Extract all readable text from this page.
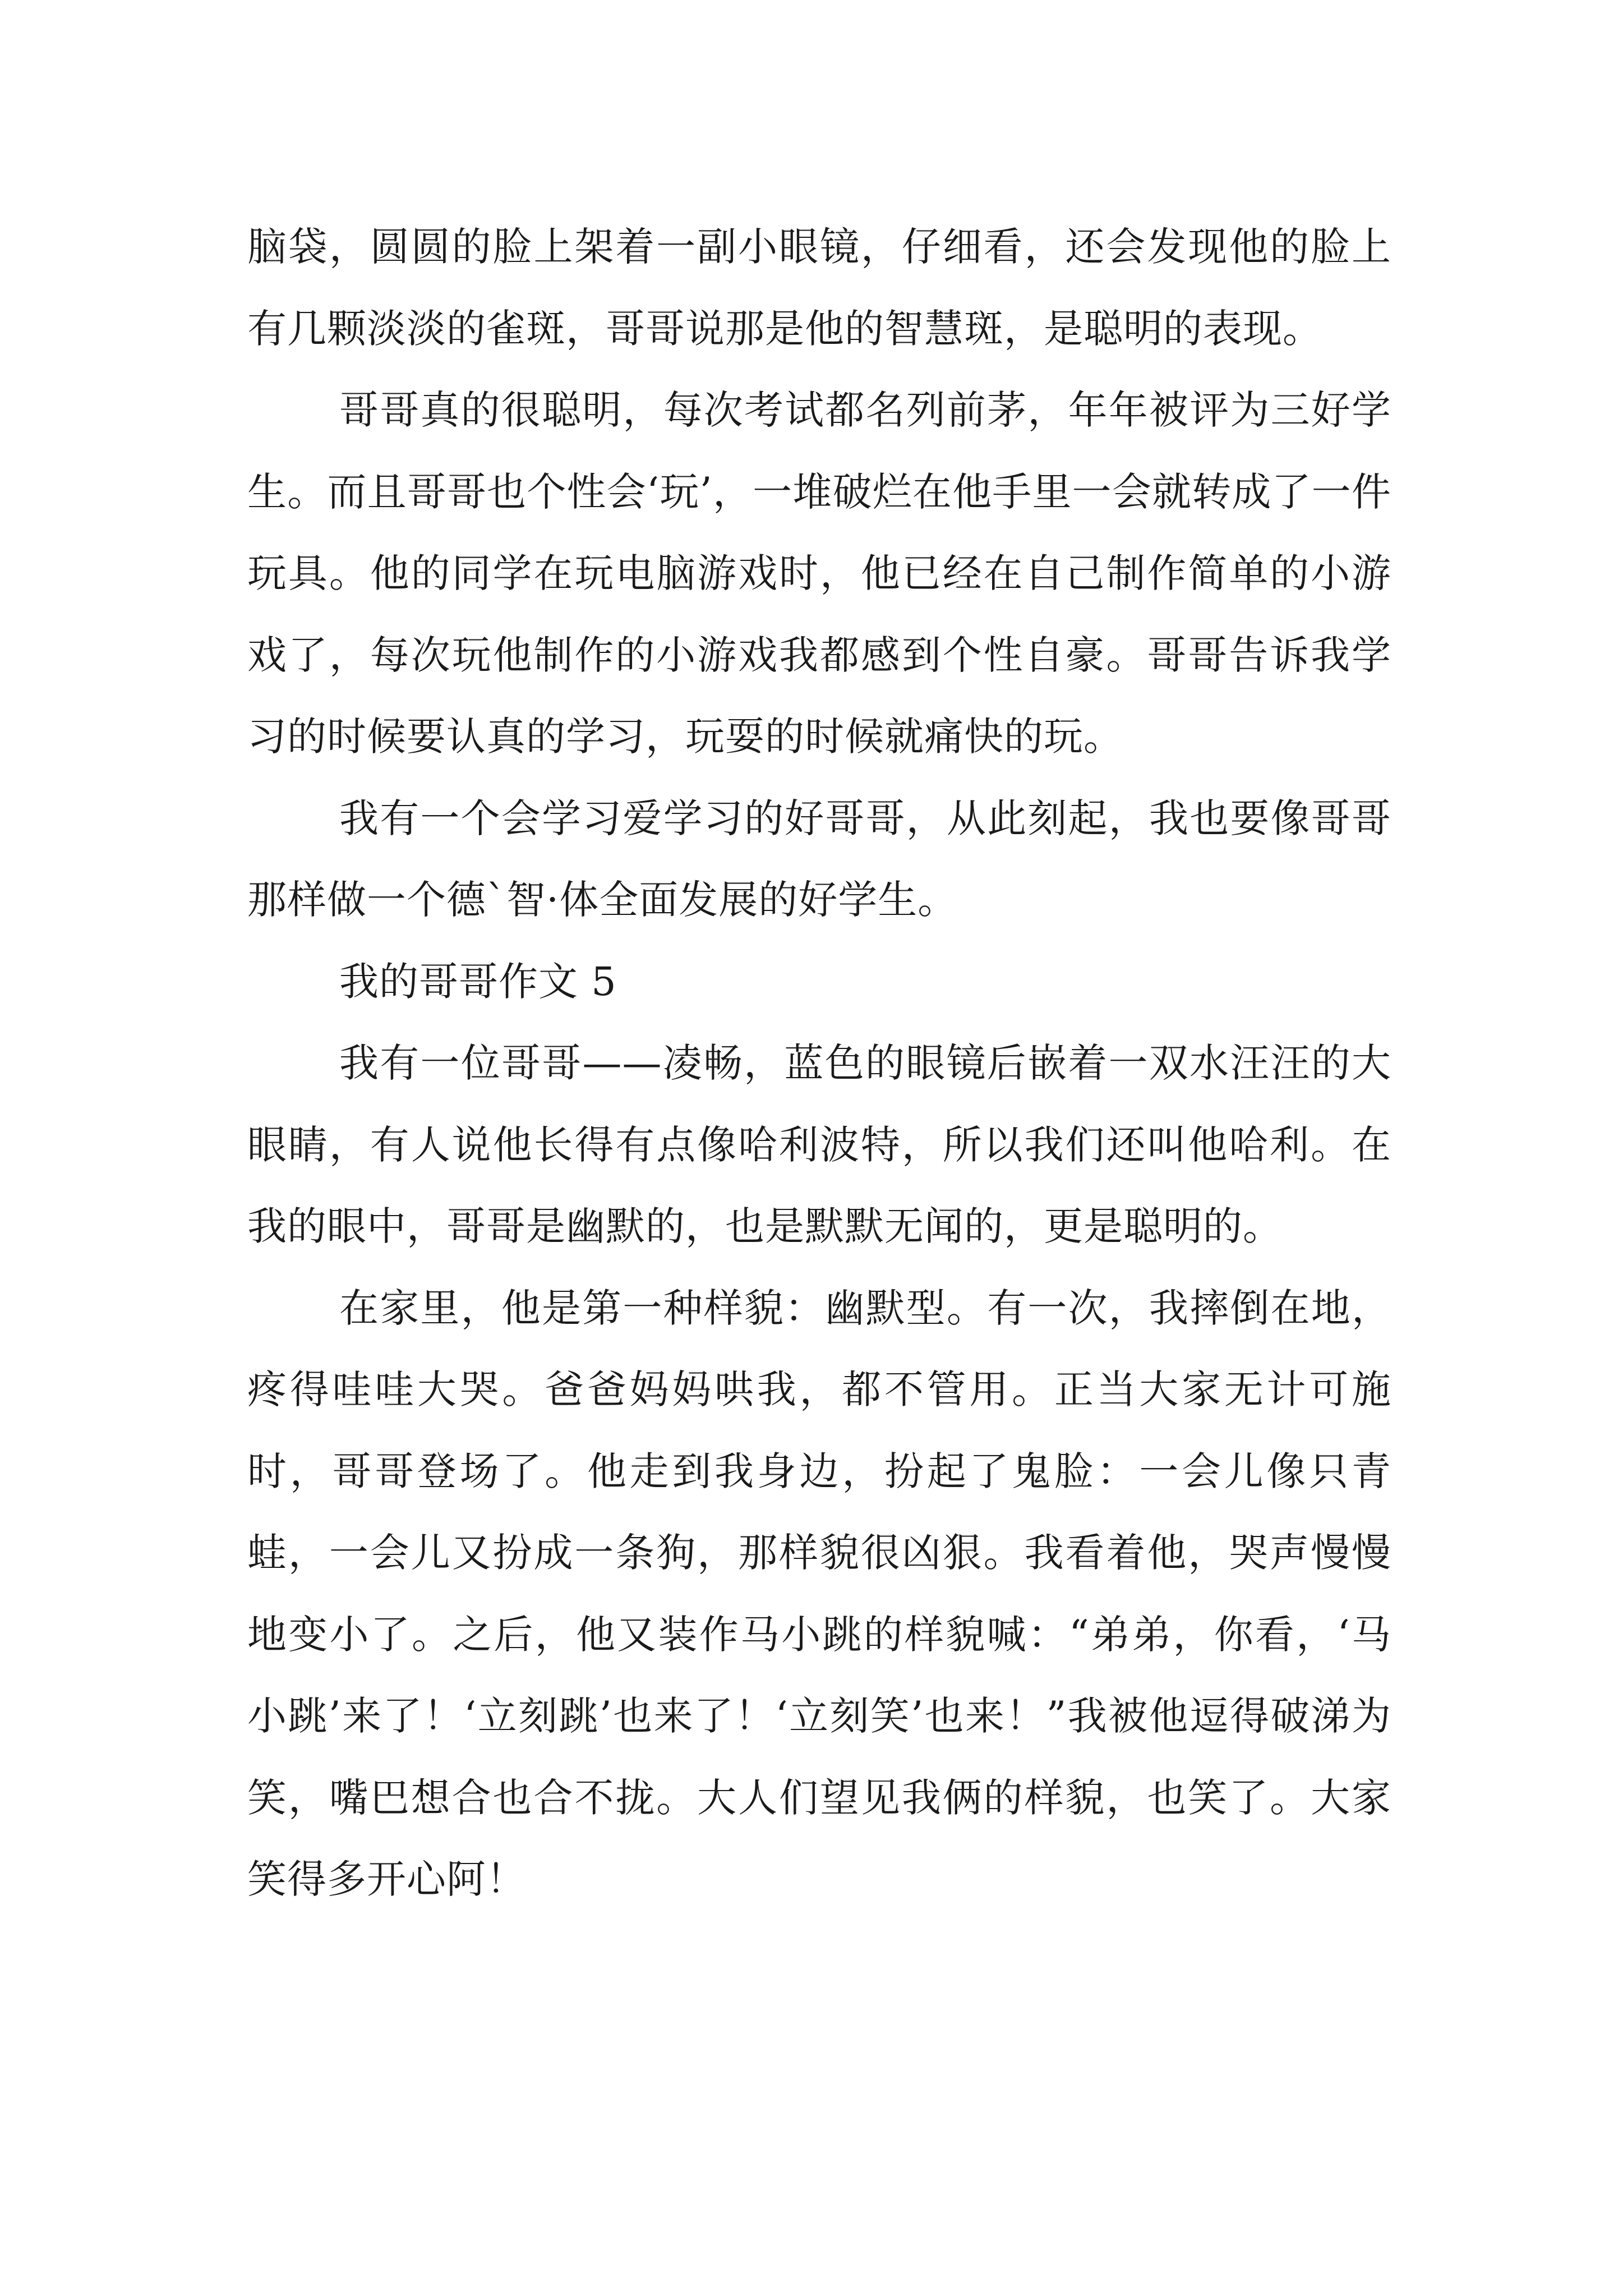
脑袋，圆圆的脸上架着一副小眼镜，仔细看，还会发现他的脸上有几颗淡淡的雀斑，哥哥说那是他的智慧斑，是聪明的表现。

哥哥真的很聪明，每次考试都名列前茅，年年被评为三好学生。而且哥哥也个性会‘玩’，一堆破烂在他手里一会就转成了一件玩具。他的同学在玩电脑游戏时，他已经在自己制作简单的小游戏了，每次玩他制作的小游戏我都感到个性自豪。哥哥告诉我学习的时候要认真的学习，玩耍的时候就痛快的玩。

我有一个会学习爱学习的好哥哥，从此刻起，我也要像哥哥那样做一个德`智·体全面发展的好学生。

我的哥哥作文 5

我有一位哥哥——凌畅，蓝色的眼镜后嵌着一双水汪汪的大眼睛，有人说他长得有点像哈利波特，所以我们还叫他哈利。在我的眼中，哥哥是幽默的，也是默默无闻的，更是聪明的。

在家里，他是第一种样貌：幽默型。有一次，我摔倒在地，疼得哇哇大哭。爸爸妈妈哄我，都不管用。正当大家无计可施时，哥哥登场了。他走到我身边，扮起了鬼脸：一会儿像只青蛙，一会儿又扮成一条狗，那样貌很凶狠。我看着他，哭声慢慢地变小了。之后，他又装作马小跳的样貌喊：“弟弟，你看，‘马小跳’来了！‘立刻跳’也来了！‘立刻笑’也来！”我被他逗得破涕为笑，嘴巴想合也合不拢。大人们望见我俩的样貌，也笑了。大家笑得多开心阿！
